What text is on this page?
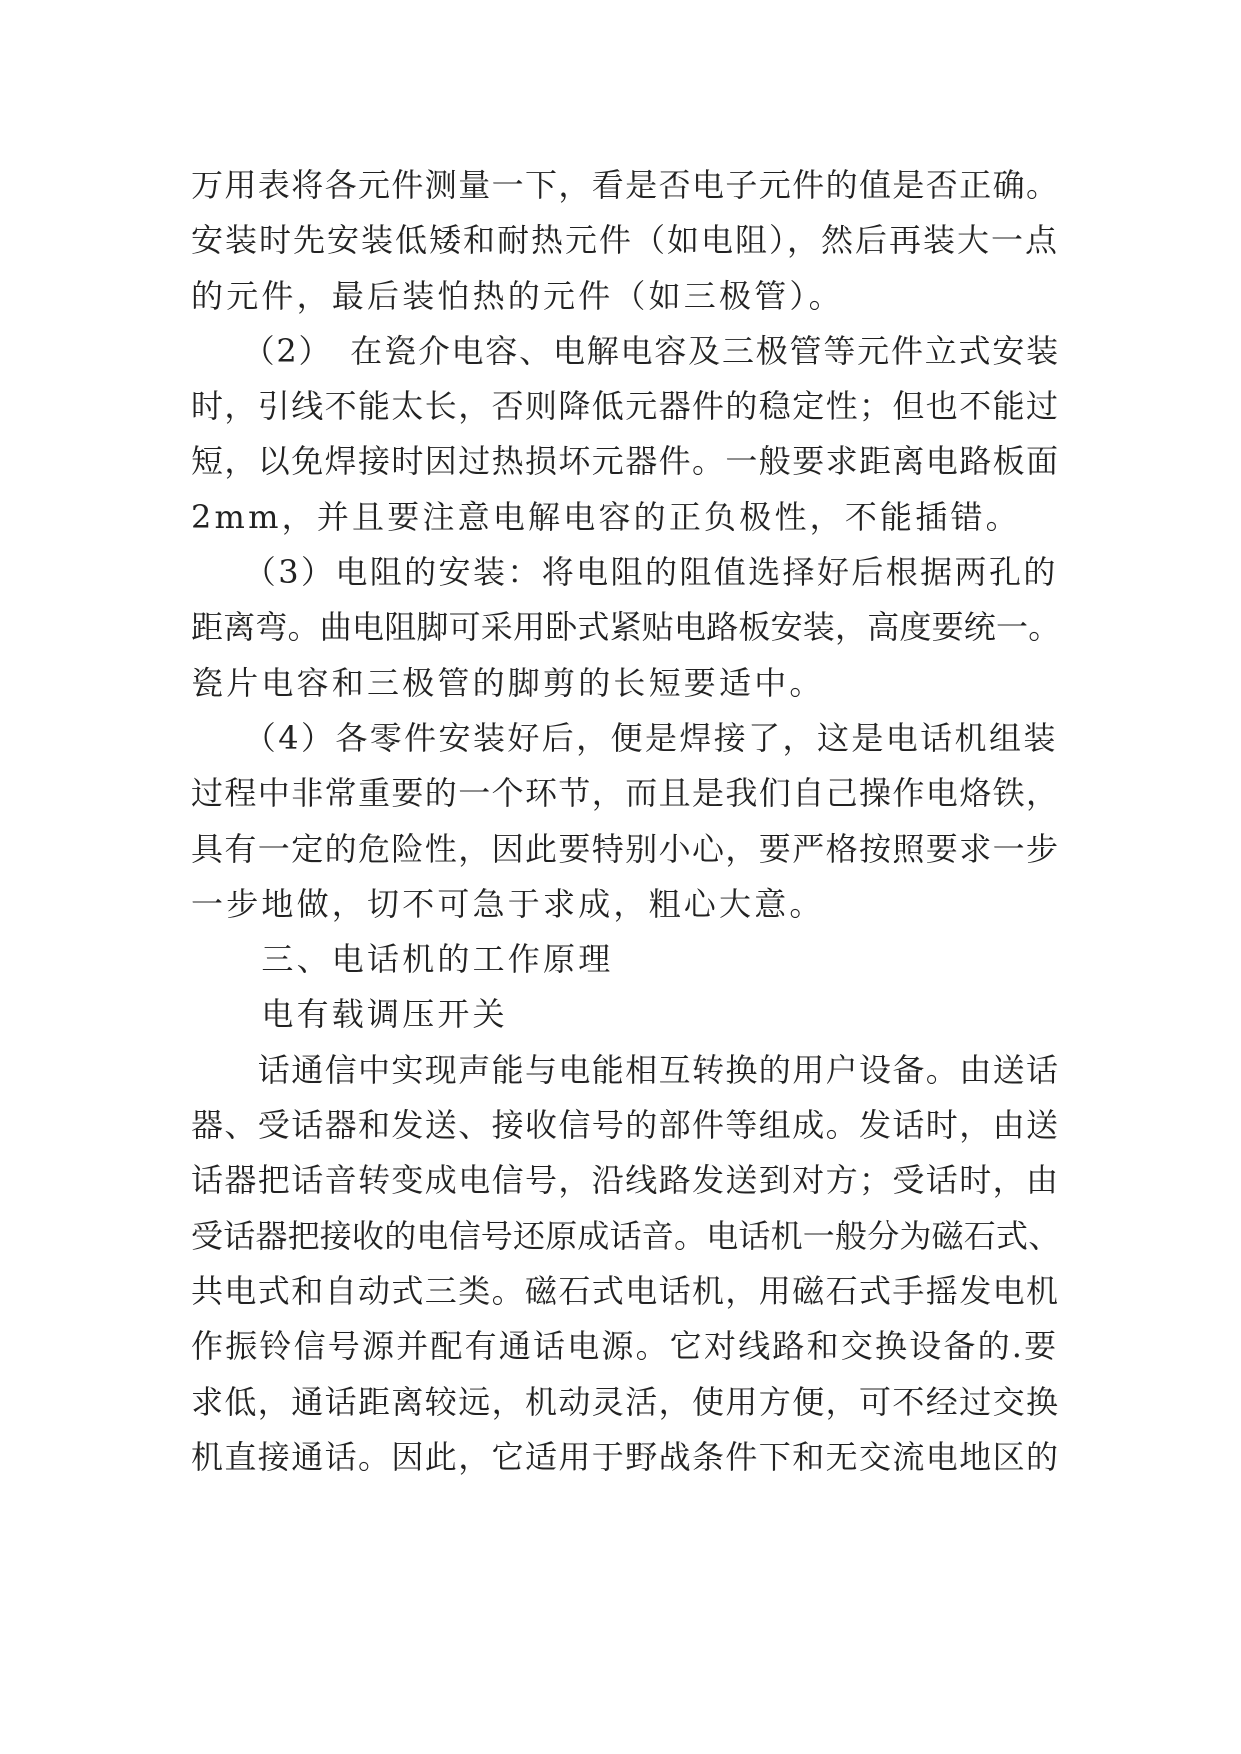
万用表将各元件测量一下，看是否电子元件的值是否正确。
安装时先安装低矮和耐热元件（如电阻），然后再装大一点
的元件，最后装怕热的元件（如三极管）。
　　（2）　在瓷介电容、电解电容及三极管等元件立式安装
时，引线不能太长，否则降低元器件的稳定性；但也不能过
短，以免焊接时因过热损坏元器件。一般要求距离电路板面
2mm，并且要注意电解电容的正负极性，不能插错。
　　（3）电阻的安装：将电阻的阻值选择好后根据两孔的
距离弯。曲电阻脚可采用卧式紧贴电路板安装，高度要统一。
瓷片电容和三极管的脚剪的长短要适中。
　　（4）各零件安装好后，便是焊接了，这是电话机组装
过程中非常重要的一个环节，而且是我们自己操作电烙铁，
具有一定的危险性，因此要特别小心，要严格按照要求一步
一步地做，切不可急于求成，粗心大意。
　　三、电话机的工作原理
　　电有载调压开关
　　话通信中实现声能与电能相互转换的用户设备。由送话
器、受话器和发送、接收信号的部件等组成。发话时，由送
话器把话音转变成电信号，沿线路发送到对方；受话时，由
受话器把接收的电信号还原成话音。电话机一般分为磁石式、
共电式和自动式三类。磁石式电话机，用磁石式手摇发电机
作振铃信号源并配有通话电源。它对线路和交换设备的.要
求低，通话距离较远，机动灵活，使用方便，可不经过交换
机直接通话。因此，它适用于野战条件下和无交流电地区的
